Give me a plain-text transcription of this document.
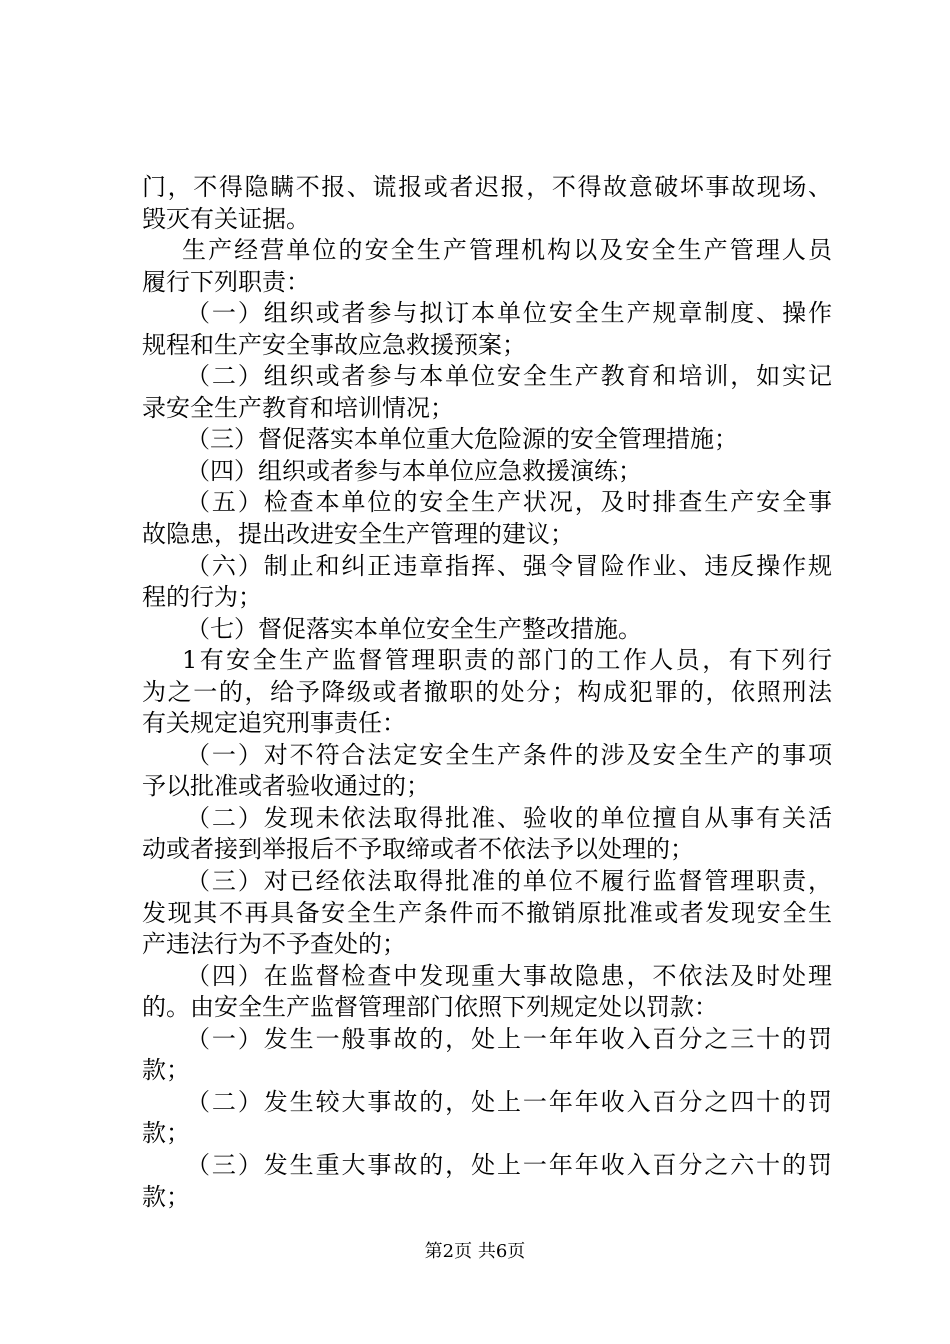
门，不得隐瞒不报、谎报或者迟报，不得故意破坏事故现场、
毁灭有关证据。
生产经营单位的安全生产管理机构以及安全生产管理人员
履行下列职责：
（一）组织或者参与拟订本单位安全生产规章制度、操作
规程和生产安全事故应急救援预案；
（二）组织或者参与本单位安全生产教育和培训，如实记
录安全生产教育和培训情况；
（三）督促落实本单位重大危险源的安全管理措施；
（四）组织或者参与本单位应急救援演练；
（五）检查本单位的安全生产状况，及时排查生产安全事
故隐患，提出改进安全生产管理的建议；
（六）制止和纠正违章指挥、强令冒险作业、违反操作规
程的行为；
（七）督促落实本单位安全生产整改措施。
1有安全生产监督管理职责的部门的工作人员，有下列行
为之一的，给予降级或者撤职的处分；构成犯罪的，依照刑法
有关规定追究刑事责任：
（一）对不符合法定安全生产条件的涉及安全生产的事项
予以批准或者验收通过的；
（二）发现未依法取得批准、验收的单位擅自从事有关活
动或者接到举报后不予取缔或者不依法予以处理的；
（三）对已经依法取得批准的单位不履行监督管理职责，
发现其不再具备安全生产条件而不撤销原批准或者发现安全生
产违法行为不予查处的；
（四）在监督检查中发现重大事故隐患，不依法及时处理
的。由安全生产监督管理部门依照下列规定处以罚款：
（一）发生一般事故的，处上一年年收入百分之三十的罚
款；
（二）发生较大事故的，处上一年年收入百分之四十的罚
款；
（三）发生重大事故的，处上一年年收入百分之六十的罚
款；
第2页 共6页
